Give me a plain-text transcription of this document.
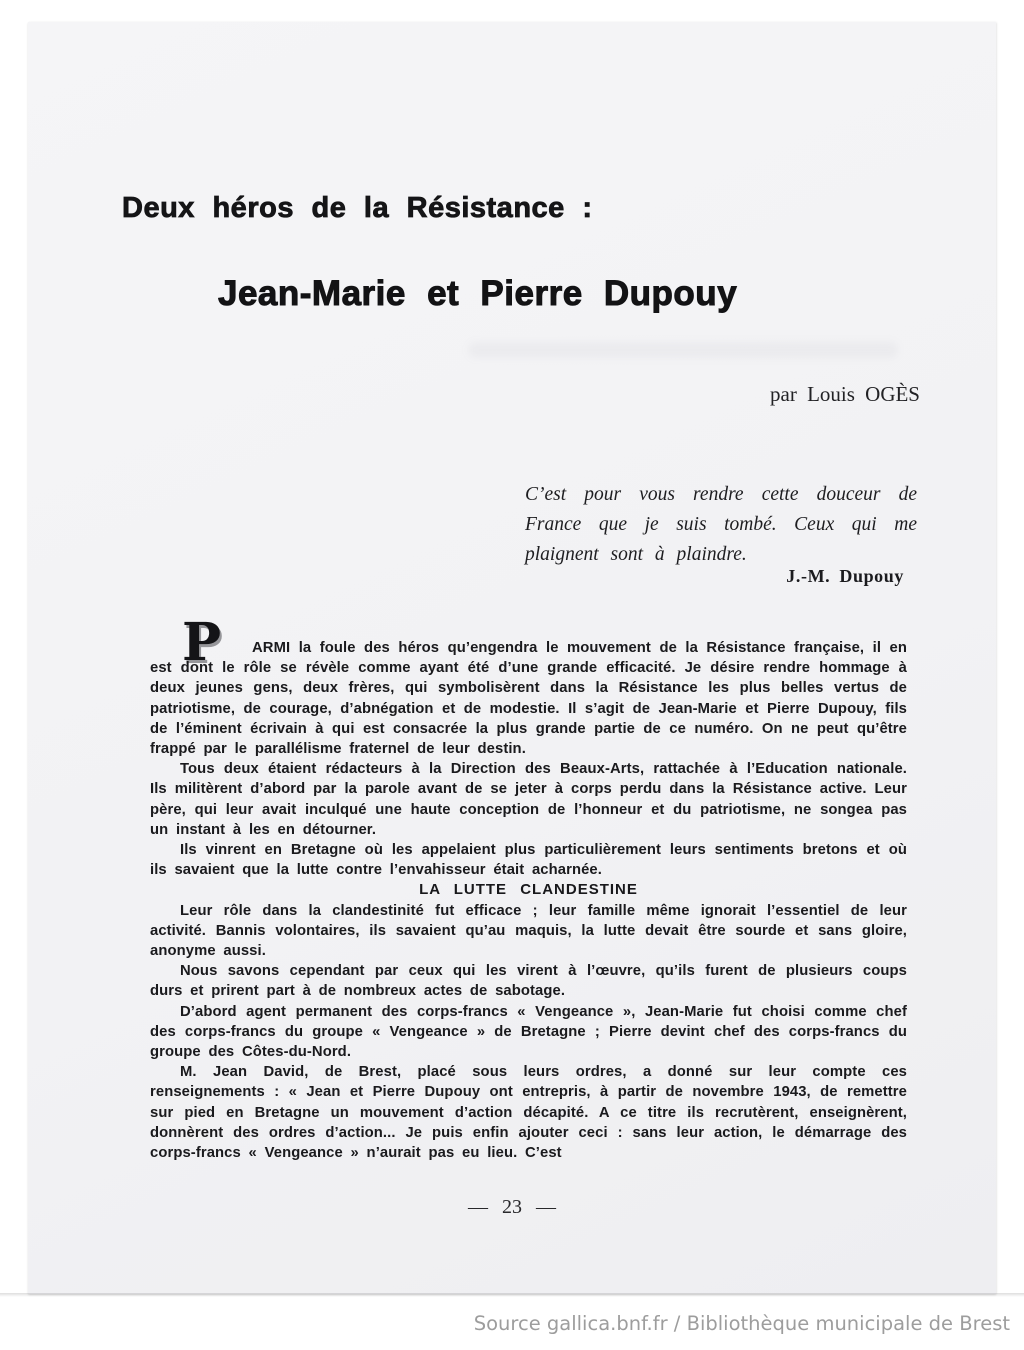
Deux héros de la Résistance :
Jean-Marie et Pierre Dupouy
par Louis OGÈS
C’est pour vous rendre cette douceur de France que je suis tombé. Ceux qui me plaignent sont à plaindre.
J.-M. Dupouy
P	ARMI la foule des héros qu’engendra le mouvement de la Résistance française, il en est dont le rôle se révèle comme ayant été d’une grande efficacité. Je désire rendre hommage à deux jeunes gens, deux frères, qui symbolisèrent dans la Résistance les plus belles vertus de patriotisme, de courage, d’abnégation et de modestie. Il s’agit de Jean-Marie et Pierre Dupouy, fils de l’éminent écrivain à qui est consacrée la plus grande partie de ce numéro. On ne peut qu’être frappé par le parallélisme fraternel de leur destin.

Tous deux étaient rédacteurs à la Direction des Beaux-Arts, rattachée à l’Education nationale. Ils militèrent d’abord par la parole avant de se jeter à corps perdu dans la Résistance active. Leur père, qui leur avait inculqué une haute conception de l’honneur et du patriotisme, ne songea pas un instant à les en détourner.

Ils vinrent en Bretagne où les appelaient plus particulièrement leurs sentiments bretons et où ils savaient que la lutte contre l’envahisseur était acharnée.

LA LUTTE CLANDESTINE

Leur rôle dans la clandestinité fut efficace ; leur famille même ignorait l’essentiel de leur activité. Bannis volontaires, ils savaient qu’au maquis, la lutte devait être sourde et sans gloire, anonyme aussi.

Nous savons cependant par ceux qui les virent à l’œuvre, qu’ils furent de plusieurs coups durs et prirent part à de nombreux actes de sabotage.

D’abord agent permanent des corps-francs « Vengeance », Jean-Marie fut choisi comme chef des corps-francs du groupe « Vengeance » de Bretagne ; Pierre devint chef des corps-francs du groupe des Côtes-du-Nord.

M. Jean David, de Brest, placé sous leurs ordres, a donné sur leur compte ces renseignements : « Jean et Pierre Dupouy ont entrepris, à partir de novembre 1943, de remettre sur pied en Bretagne un mouvement d’action décapité. A ce titre ils recrutèrent, enseignèrent, donnèrent des ordres d’action... Je puis enfin ajouter ceci : sans leur action, le démarrage des corps-francs « Vengeance » n’aurait pas eu lieu. C’est

— 23 —
Source gallica.bnf.fr / Bibliothèque municipale de Brest
